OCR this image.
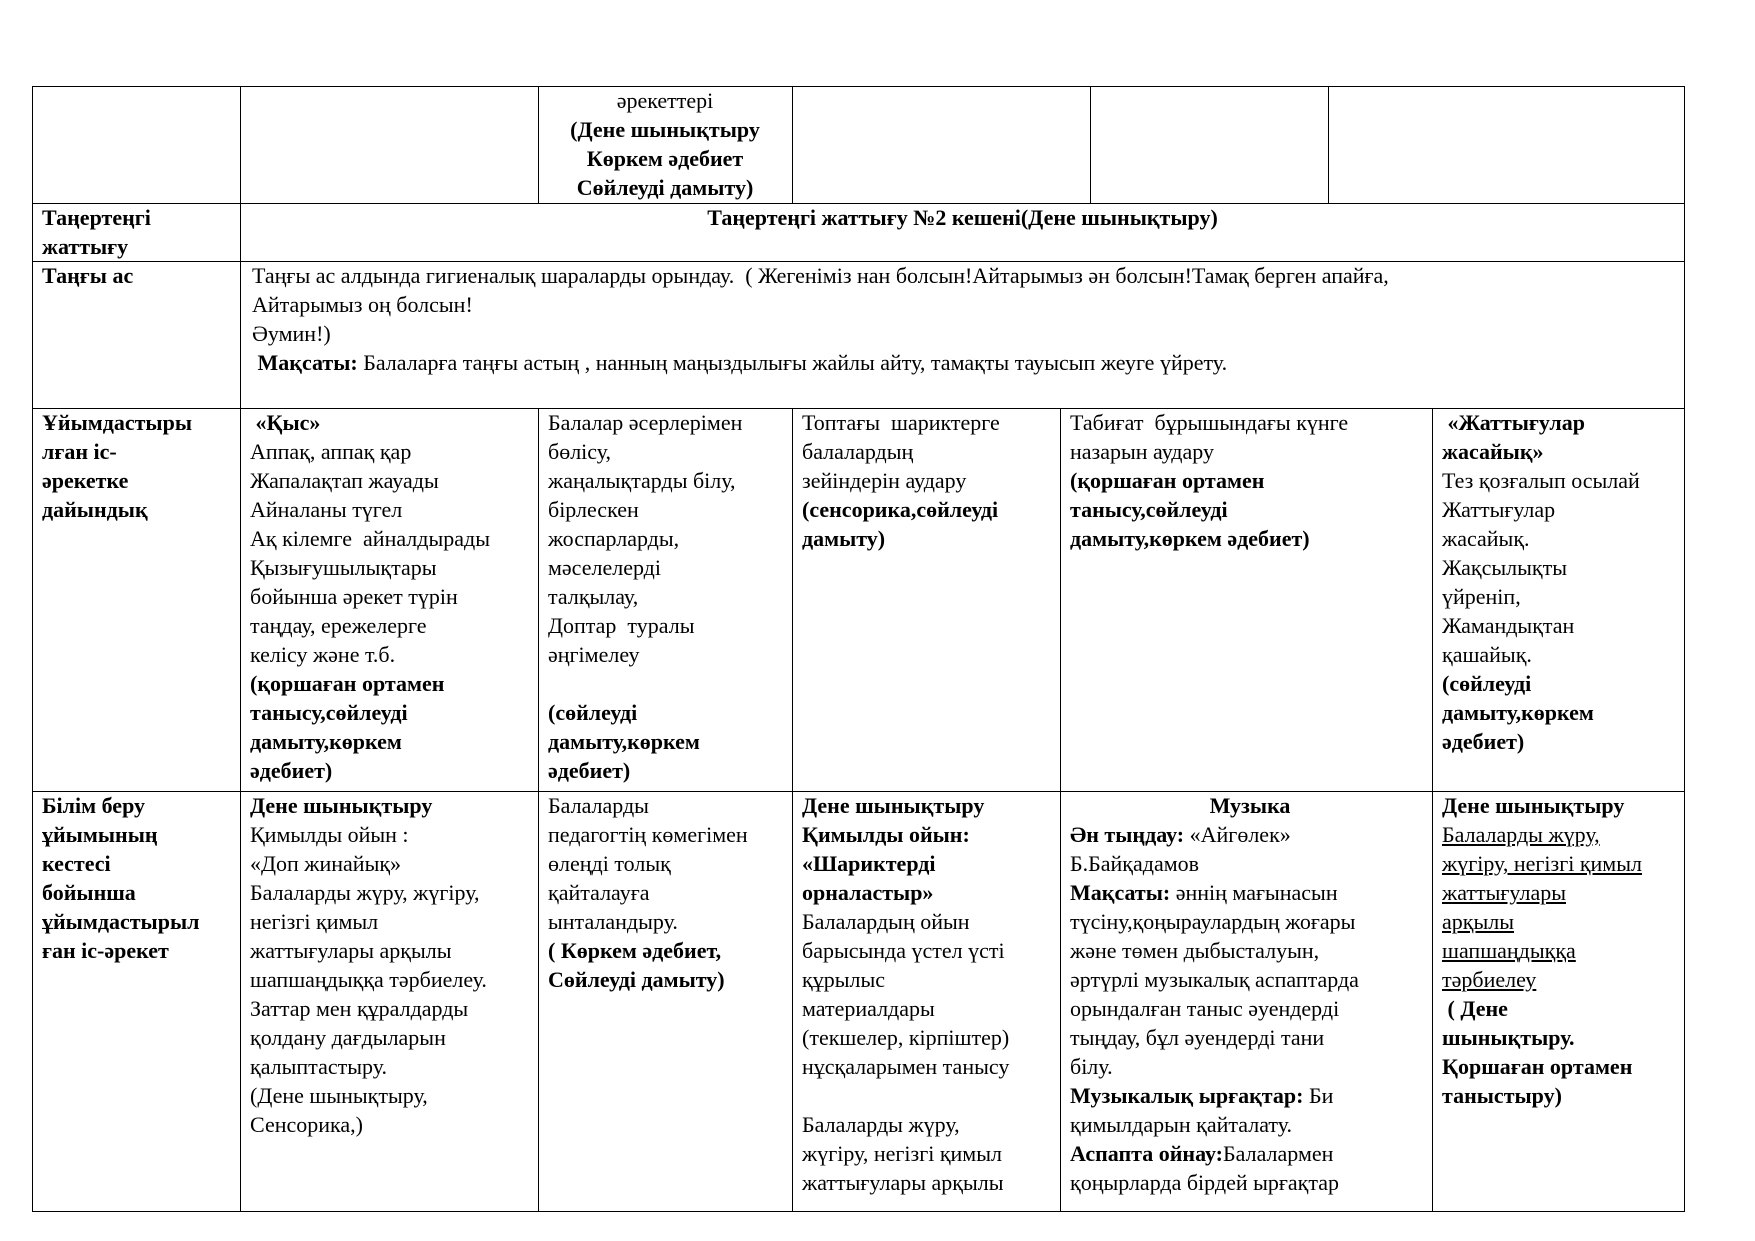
әрекеттері
(Дене шынықтыру
Көркем әдебиет
Сөйлеуді дамыту)
Таңертеңгі
жаттығу
Таңертеңгі жаттығу №2 кешені(Дене шынықтыру)
Таңғы ас	Таңғы ас алдында гигиеналық шараларды орындау.  ( Жегеніміз нан болсын!Айтарымыз ән болсын!Тамақ берген апайға,
Айтарымыз оң болсын!
Әумин!)
Мақсаты: Балаларға таңғы астың , нанның маңыздылығы жайлы айту, тамақты тауысып жеуге үйрету.
Ұйымдастыры
лған іс-
әрекетке
дайындық
«Қыс»
Аппақ, аппақ қар
Жапалақтап жауады
Айналаны түгел
Ақ кілемге  айналдырады
Қызығушылықтары
бойынша әрекет түрін
таңдау, ережелерге
келісу және т.б.
(қоршаған ортамен
танысу,сөйлеуді
дамыту,көркем
әдебиет)
Балалар әсерлерімен
бөлісу,
жаңалықтарды білу,
бірлескен
жоспарларды,
мәселелерді
талқылау,
Доптар  туралы
әңгімелеу

(сөйлеуді
дамыту,көркем
әдебиет)
Топтағы  шариктерге
балалардың
зейіндерін аудару
(сенсорика,сөйлеуді
дамыту)
Табиғат  бұрышындағы күнге
назарын аудару
(қоршаған ортамен
танысу,сөйлеуді
дамыту,көркем әдебиет)
«Жаттығулар
жасайық»
Тез қозғалып осылай
Жаттығулар
жасайық.
Жақсылықты
үйреніп,
Жамандықтан
қашайық.
(сөйлеуді
дамыту,көркем
әдебиет)
Білім беру
ұйымының
кестесі
бойынша
ұйымдастырыл
ған іс-әрекет
Дене шынықтыру
Қимылды ойын :
«Доп жинайық»
Балаларды жүру, жүгіру,
негізгі қимыл
жаттығулары арқылы
шапшаңдыққа тәрбиелеу.
Заттар мен құралдарды
қолдану дағдыларын
қалыптастыру.
(Дене шынықтыру,
Сенсорика,)
Балаларды
педагогтің көмегімен
өлеңді толық
қайталауға
ынталандыру.
( Көркем әдебиет,
Сөйлеуді дамыту)
Дене шынықтыру
Қимылды ойын:
«Шариктерді
орналастыр»
Балалардың ойын
барысында үстел үсті
құрылыс
материалдары
(текшелер, кірпіштер)
нұсқаларымен танысу

Балаларды жүру,
жүгіру, негізгі қимыл
жаттығулары арқылы
Музыка
Ән тыңдау: «Айгөлек»
Б.Байқадамов
Мақсаты: әннің мағынасын
түсіну,қоңыраулардың жоғары
және төмен дыбысталуын,
әртүрлі музыкалық аспаптарда
орындалған таныс әуендерді
тыңдау, бұл әуендерді тани
білу.
Музыкалық ырғақтар: Би
қимылдарын қайталату.
Аспапта ойнау:Балалармен
қоңырларда бірдей ырғақтар
Дене шынықтыру
Балаларды жүру,
жүгіру, негізгі қимыл
жаттығулары
арқылы
шапшаңдыққа
тәрбиелеу
( Дене
шынықтыру.
Қоршаған ортамен
таныстыру)
